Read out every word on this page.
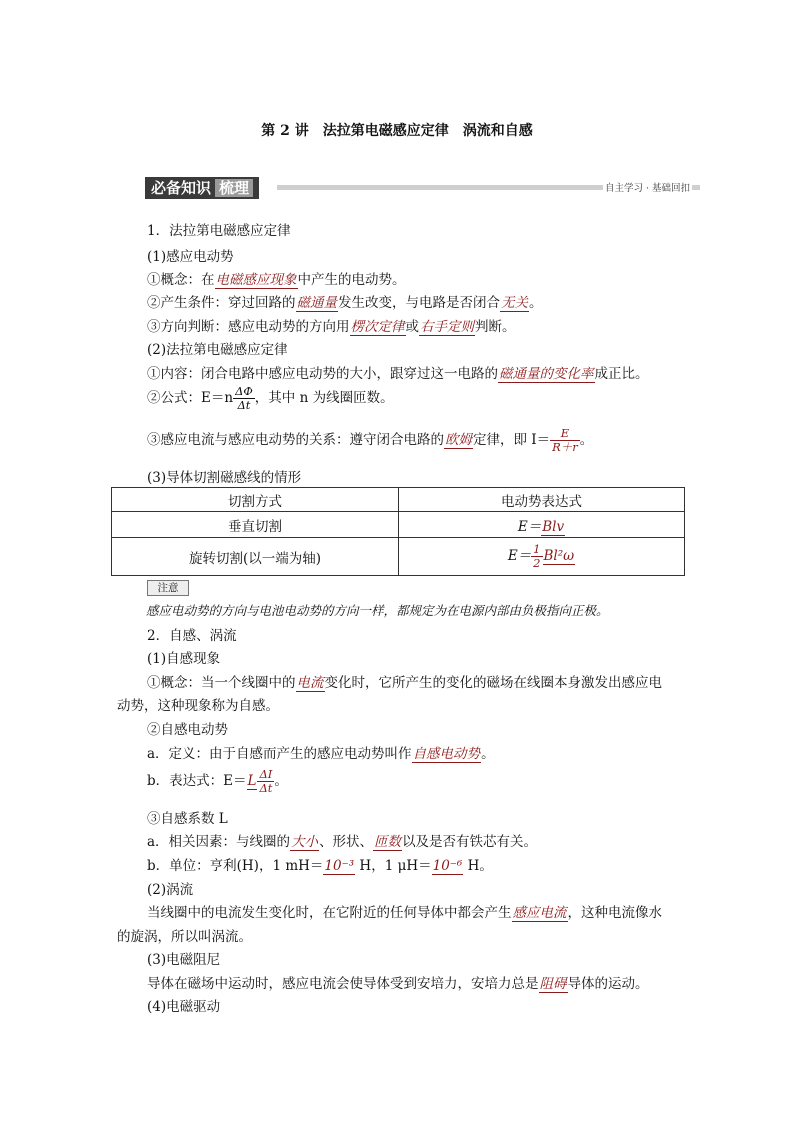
第 2 讲　法拉第电磁感应定律　涡流和自感
必备知识 梳理	自主学习 · 基础回扣
1．法拉第电磁感应定律
(1)感应电动势
①概念：在电磁感应现象中产生的电动势。
②产生条件：穿过回路的磁通量发生改变，与电路是否闭合无关。
③方向判断：感应电动势的方向用楞次定律或右手定则判断。
(2)法拉第电磁感应定律
①内容：闭合电路中感应电动势的大小，跟穿过这一电路的磁通量的变化率成正比。
②公式：$E=n \frac{\Delta\Phi}{\Delta t}$ ，其中 n 为线圈匝数。
③感应电流与感应电动势的关系：遵守闭合电路的欧姆定律，即 $I= \frac{E}{R+r}$ 。
(3)导体切割磁感线的情形
切割方式	电动势表达式
垂直切割	E＝Blv
旋转切割(以一端为轴)	$E= \frac{1}{2} Bl^2\omega$
注意
感应电动势的方向与电池电动势的方向一样，都规定为在电源内部由负极指向正极。
2．自感、涡流
(1)自感现象
①概念：当一个线圈中的电流变化时，它所产生的变化的磁场在线圈本身激发出感应电
动势，这种现象称为自感。
②自感电动势
a．定义：由于自感而产生的感应电动势叫作自感电动势。
b．表达式：$E=L \frac{\Delta I}{\Delta t}$ 。
③自感系数 L
a．相关因素：与线圈的大小、形状、匝数以及是否有铁芯有关。
b．单位：亨利(H)，1 mH＝10⁻³ H，1 μH＝10⁻⁶ H。
(2)涡流
当线圈中的电流发生变化时，在它附近的任何导体中都会产生感应电流，这种电流像水
的旋涡，所以叫涡流。
(3)电磁阻尼
导体在磁场中运动时，感应电流会使导体受到安培力，安培力总是阻碍导体的运动。
(4)电磁驱动
